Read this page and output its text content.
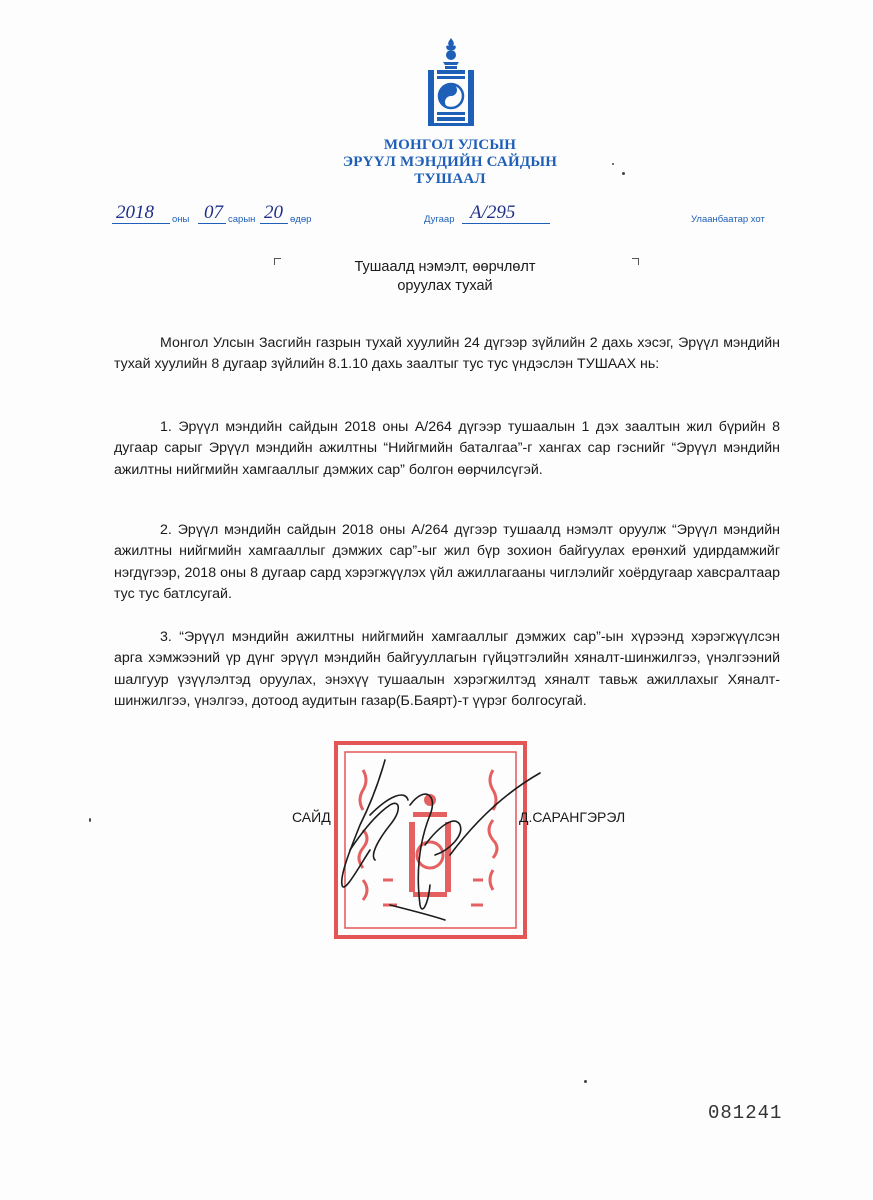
МОНГОЛ УЛСЫН
ЭРҮҮЛ МЭНДИЙН САЙДЫН
ТУШААЛ
2018 оны 07 сарын 20 өдөр	Дугаар А/295	Улаанбаатар хот
Тушаалд нэмэлт, өөрчлөлт
оруулах тухай

Монгол Улсын Засгийн газрын тухай хуулийн 24 дүгээр зүйлийн 2 дахь хэсэг, Эрүүл мэндийн тухай хуулийн 8 дугаар зүйлийн 8.1.10 дахь заалтыг тус тус үндэслэн ТУШААХ нь:

1. Эрүүл мэндийн сайдын 2018 оны А/264 дүгээр тушаалын 1 дэх заалтын жил бүрийн 8 дугаар сарыг Эрүүл мэндийн ажилтны “Нийгмийн баталгаа”-г хангах сар гэснийг “Эрүүл мэндийн ажилтны нийгмийн хамгааллыг дэмжих сар” болгон өөрчилсүгэй.

2. Эрүүл мэндийн сайдын 2018 оны А/264 дүгээр тушаалд нэмэлт оруулж “Эрүүл мэндийн ажилтны нийгмийн хамгааллыг дэмжих сар”-ыг жил бүр зохион байгуулах ерөнхий удирдамжийг нэгдүгээр, 2018 оны 8 дугаар сард хэрэгжүүлэх үйл ажиллагааны чиглэлийг хоёрдугаар хавсралтаар тус тус батлсугай.

3. “Эрүүл мэндийн ажилтны нийгмийн хамгааллыг дэмжих сар”-ын хүрээнд хэрэгжүүлсэн арга хэмжээний үр дүнг эрүүл мэндийн байгууллагын гүйцэтгэлийн хяналт-шинжилгээ, үнэлгээний шалгуур үзүүлэлтэд оруулах, энэхүү тушаалын хэрэгжилтэд хяналт тавьж ажиллахыг Хяналт-шинжилгээ, үнэлгээ, дотоод аудитын газар(Б.Баярт)-т үүрэг болгосугай.

САЙД	Д.САРАНГЭРЭЛ
081241
